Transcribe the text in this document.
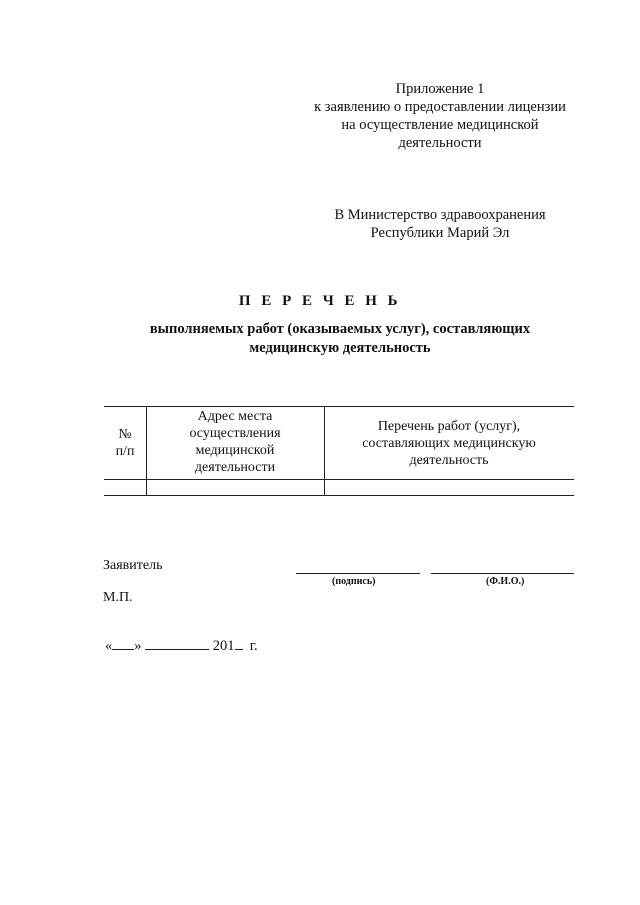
Приложение 1
к заявлению о предоставлении лицензии
на осуществление медицинской
деятельности
В Министерство здравоохранения
Республики Марий Эл
П Е Р Е Ч Е Н Ь
выполняемых работ (оказываемых услуг), составляющих
медицинскую деятельность
№
п/п
Адрес места
осуществления
медицинской
деятельности
Перечень работ (услуг),
составляющих медицинскую
деятельность
Заявитель
(подпись)	(Ф.И.О.)
М.П.
« »	201 г.
